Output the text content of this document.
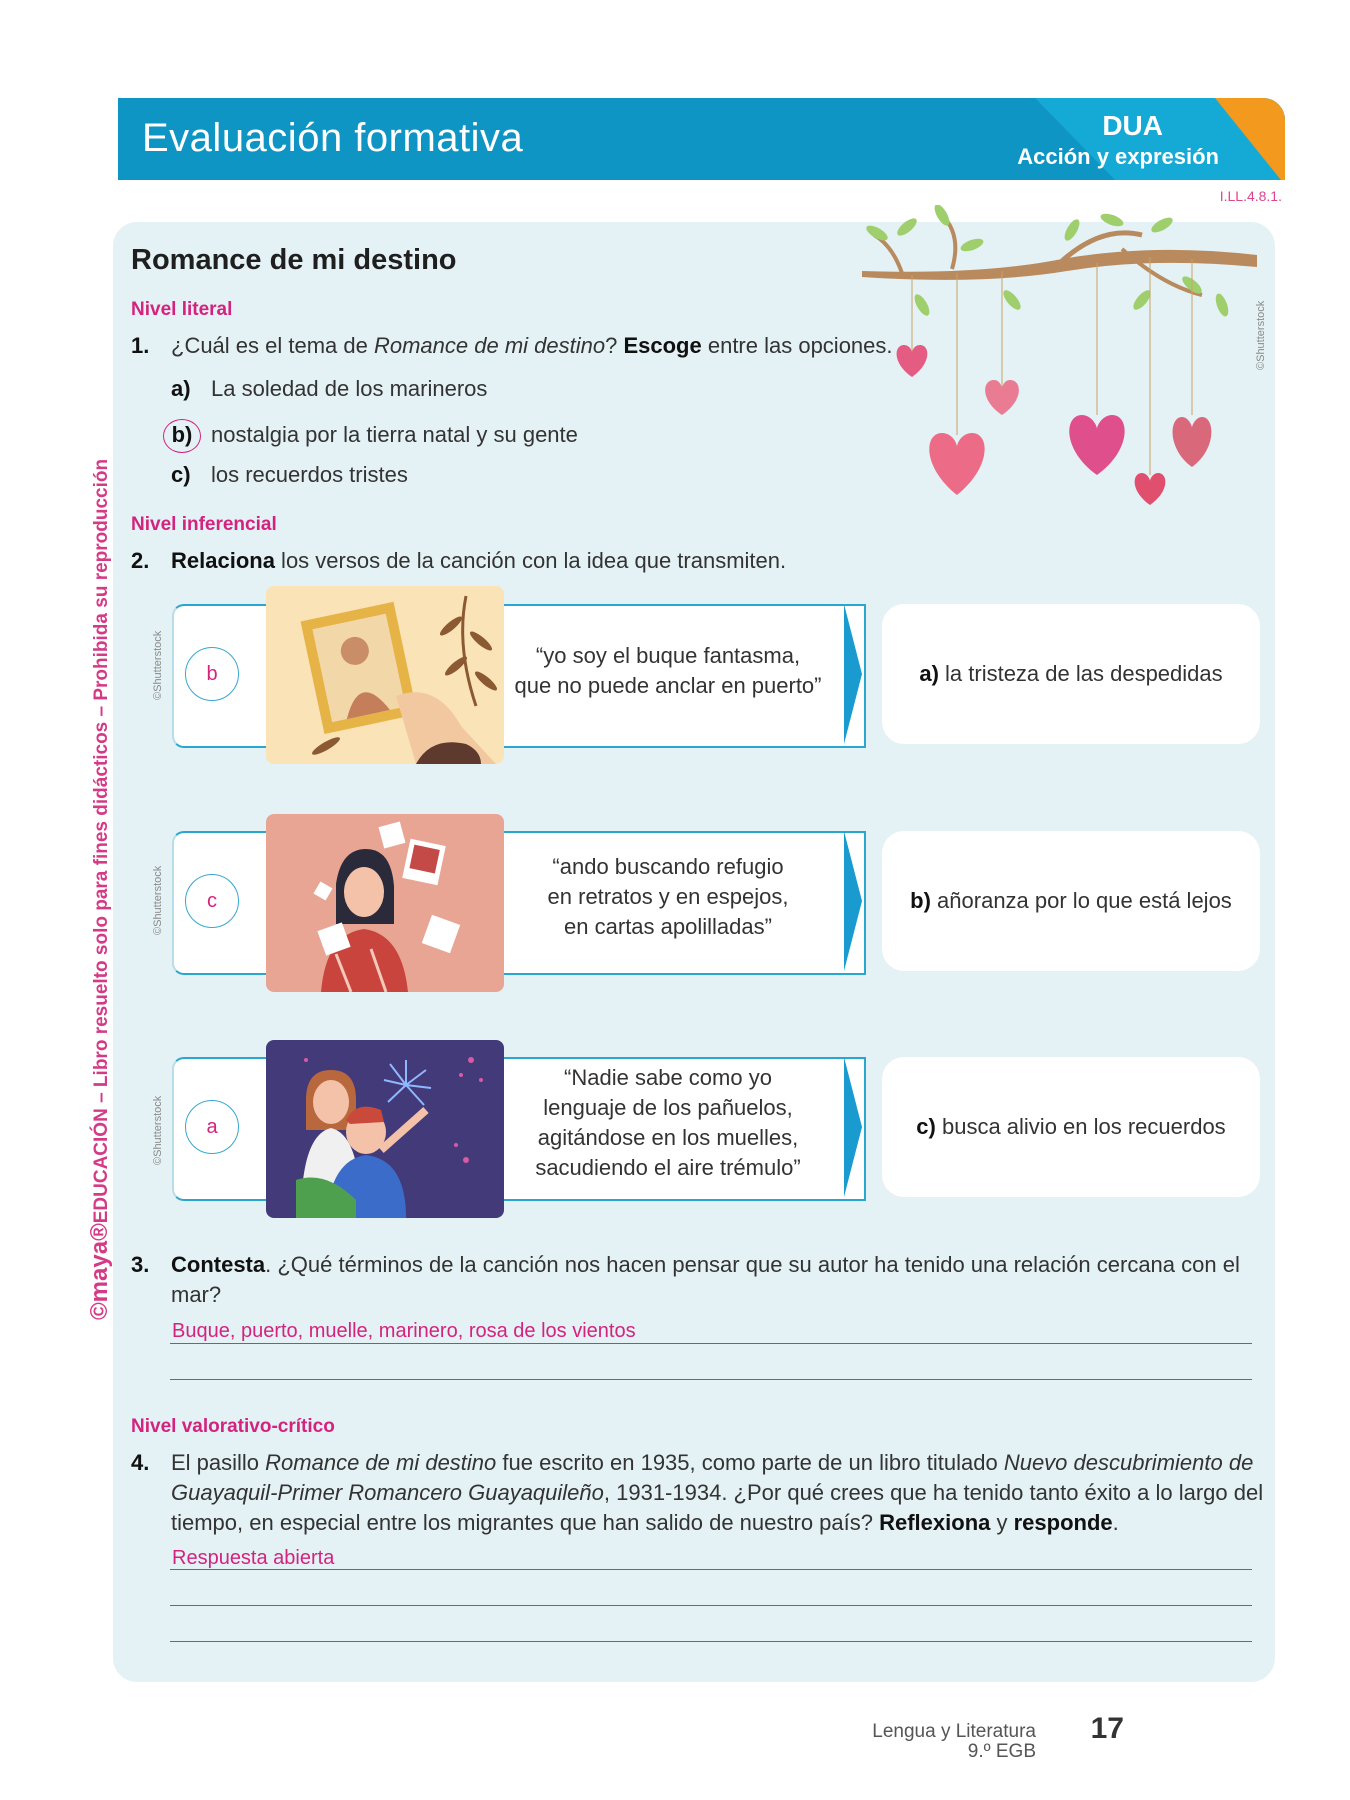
Evaluación formativa	DUA
Acción y expresión
I.LL.4.8.1.
©maya®EDUCACIÓN – Libro resuelto solo para fines didácticos – Prohibida su reproducción
©Shutterstock
Romance de mi destino
Nivel literal
1. ¿Cuál es el tema de Romance de mi destino? Escoge entre las opciones.
a) La soledad de los marineros
b) nostalgia por la tierra natal y su gente
c) los recuerdos tristes
Nivel inferencial
2. Relaciona los versos de la canción con la idea que transmiten.
©Shutterstock	b
“yo soy el buque fantasma,
que no puede anclar en puerto”	a) la tristeza de las despedidas
©Shutterstock	c
“ando buscando refugio
en retratos y en espejos,
en cartas apolilladas”
b) añoranza por lo que está lejos
©Shutterstock	a
“Nadie sabe como yo
lenguaje de los pañuelos,
agitándose en los muelles,
sacudiendo el aire trémulo”
c) busca alivio en los recuerdos
3. Contesta. ¿Qué términos de la canción nos hacen pensar que su autor ha tenido una relación cercana con el
mar?
Buque, puerto, muelle, marinero, rosa de los vientos
Nivel valorativo-crítico
4. El pasillo Romance de mi destino fue escrito en 1935, como parte de un libro titulado Nuevo descubrimiento de
Guayaquil-Primer Romancero Guayaquileño, 1931-1934. ¿Por qué crees que ha tenido tanto éxito a lo largo del
tiempo, en especial entre los migrantes que han salido de nuestro país? Reflexiona y responde.
Respuesta abierta
Lengua y Literatura
9.º EGB
17
